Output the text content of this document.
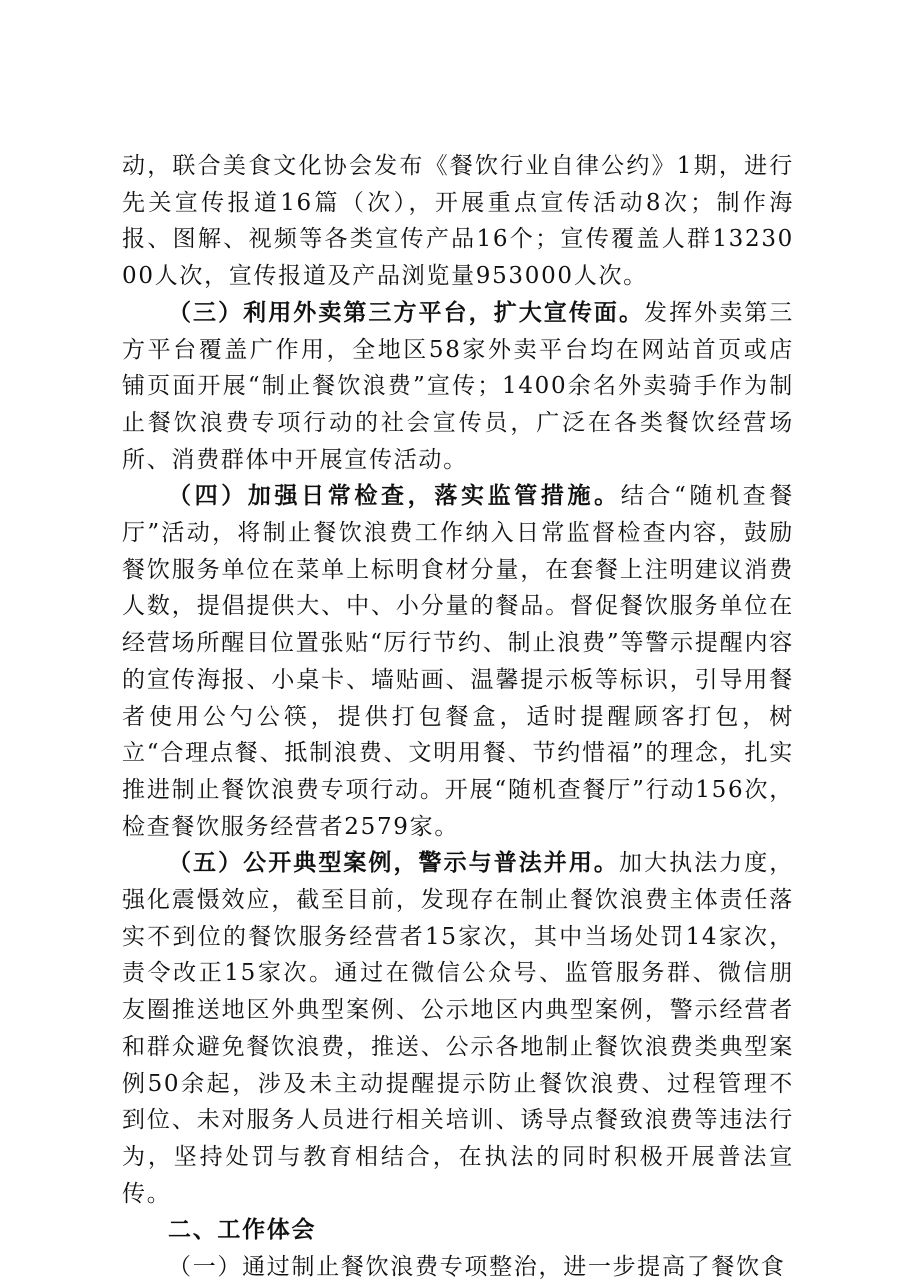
动，联合美食文化协会发布《餐饮行业自律公约》1期，进行先关宣传报道16篇（次），开展重点宣传活动8次；制作海报、图解、视频等各类宣传产品16个；宣传覆盖人群1323000人次，宣传报道及产品浏览量953000人次。

（三）利用外卖第三方平台，扩大宣传面。发挥外卖第三方平台覆盖广作用，全地区58家外卖平台均在网站首页或店铺页面开展“制止餐饮浪费”宣传；1400余名外卖骑手作为制止餐饮浪费专项行动的社会宣传员，广泛在各类餐饮经营场所、消费群体中开展宣传活动。

（四）加强日常检查，落实监管措施。结合“随机查餐厅”活动，将制止餐饮浪费工作纳入日常监督检查内容，鼓励餐饮服务单位在菜单上标明食材分量，在套餐上注明建议消费人数，提倡提供大、中、小分量的餐品。督促餐饮服务单位在经营场所醒目位置张贴“厉行节约、制止浪费”等警示提醒内容的宣传海报、小桌卡、墙贴画、温馨提示板等标识，引导用餐者使用公勺公筷，提供打包餐盒，适时提醒顾客打包，树立“合理点餐、抵制浪费、文明用餐、节约惜福”的理念，扎实推进制止餐饮浪费专项行动。开展“随机查餐厅”行动156次，检查餐饮服务经营者2579家。

（五）公开典型案例，警示与普法并用。加大执法力度，强化震慑效应，截至目前，发现存在制止餐饮浪费主体责任落实不到位的餐饮服务经营者15家次，其中当场处罚14家次，责令改正15家次。通过在微信公众号、监管服务群、微信朋友圈推送地区外典型案例、公示地区内典型案例，警示经营者和群众避免餐饮浪费，推送、公示各地制止餐饮浪费类典型案例50余起，涉及未主动提醒提示防止餐饮浪费、过程管理不到位、未对服务人员进行相关培训、诱导点餐致浪费等违法行为，坚持处罚与教育相结合，在执法的同时积极开展普法宣传。

二、工作体会

（一）通过制止餐饮浪费专项整治，进一步提高了餐饮食
